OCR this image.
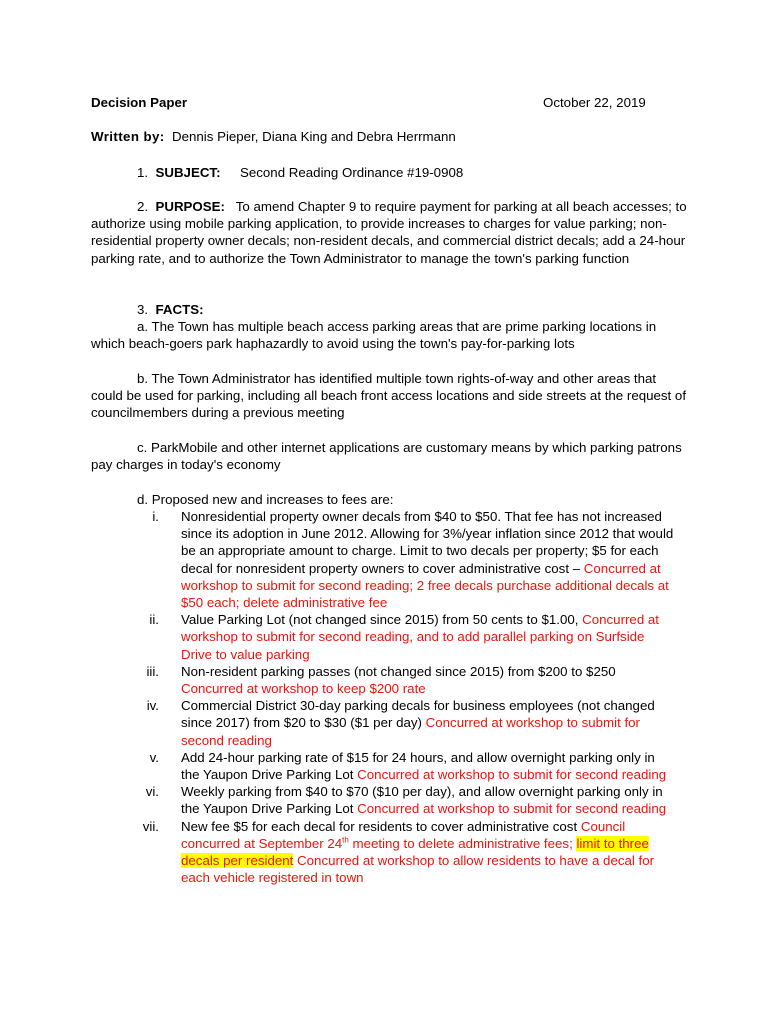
Decision Paper	October 22, 2019
Written by: Dennis Pieper, Diana King and Debra Herrmann
1. SUBJECT: Second Reading Ordinance #19-0908
2. PURPOSE: To amend Chapter 9 to require payment for parking at all beach accesses; to authorize using mobile parking application, to provide increases to charges for value parking; non-residential property owner decals; non-resident decals, and commercial district decals; add a 24-hour parking rate, and to authorize the Town Administrator to manage the town's parking function
3. FACTS:
a. The Town has multiple beach access parking areas that are prime parking locations in which beach-goers park haphazardly to avoid using the town's pay-for-parking lots
b. The Town Administrator has identified multiple town rights-of-way and other areas that could be used for parking, including all beach front access locations and side streets at the request of councilmembers during a previous meeting
c. ParkMobile and other internet applications are customary means by which parking patrons pay charges in today's economy
d. Proposed new and increases to fees are:
i. Nonresidential property owner decals from $40 to $50. That fee has not increased since its adoption in June 2012. Allowing for 3%/year inflation since 2012 that would be an appropriate amount to charge. Limit to two decals per property; $5 for each decal for nonresident property owners to cover administrative cost – Concurred at workshop to submit for second reading; 2 free decals purchase additional decals at $50 each; delete administrative fee
ii. Value Parking Lot (not changed since 2015) from 50 cents to $1.00, Concurred at workshop to submit for second reading, and to add parallel parking on Surfside Drive to value parking
iii. Non-resident parking passes (not changed since 2015) from $200 to $250 Concurred at workshop to keep $200 rate
iv. Commercial District 30-day parking decals for business employees (not changed since 2017) from $20 to $30 ($1 per day) Concurred at workshop to submit for second reading
v. Add 24-hour parking rate of $15 for 24 hours, and allow overnight parking only in the Yaupon Drive Parking Lot Concurred at workshop to submit for second reading
vi. Weekly parking from $40 to $70 ($10 per day), and allow overnight parking only in the Yaupon Drive Parking Lot Concurred at workshop to submit for second reading
vii. New fee $5 for each decal for residents to cover administrative cost Council concurred at September 24th meeting to delete administrative fees; limit to three decals per resident Concurred at workshop to allow residents to have a decal for each vehicle registered in town
